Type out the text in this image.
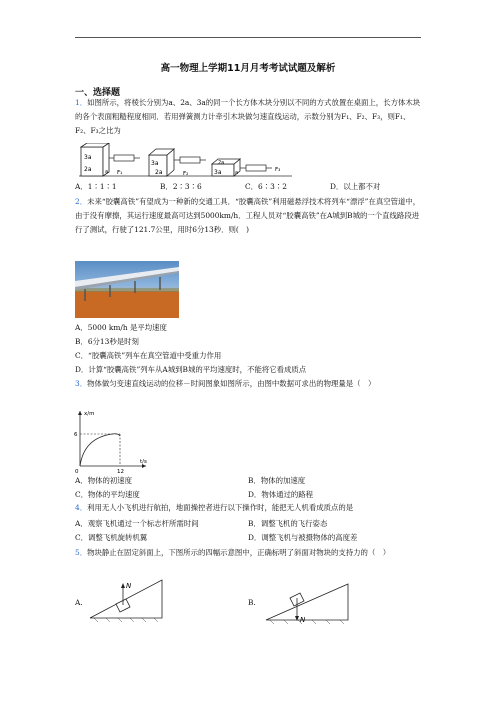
高一物理上学期11月月考考试试题及解析
一、选择题

1．如图所示，将棱长分别为a、2a、3a的同一个长方体木块分别以不同的方式放置在桌面上，长方体木块的各个表面粗糙程度相同．若用弹簧测力计牵引木块做匀速直线运动，示数分别为F₁、F₂、F₃，则F₁、F₂、F₃之比为

3a
2a	a F₁
3a
2a	F₂
2a
3a	a	F₃
A．1∶1∶1	B．2∶3∶6	C．6∶3∶2	D．以上都不对

2．未来“胶囊高铁”有望成为一种新的交通工具．“胶囊高铁”利用磁悬浮技术将列车“漂浮”在真空管道中，由于没有摩擦，其运行速度最高可达到5000km/h．工程人员对“胶囊高铁”在A城到B城的一个直线路段进行了测试，行驶了121.7公里，用时6分13秒．则(　)

A．5000 km/h 是平均速度
B．6分13秒是时刻
C．“胶囊高铁”列车在真空管道中受重力作用
D．计算“胶囊高铁”列车从A城到B城的平均速度时，不能将它看成质点

3．物体做匀变速直线运动的位移－时间图象如图所示，由图中数据可求出的物理量是（　）

x/m
t/s
6
12
0
A．物体的初速度	B．物体的加速度
C．物体的平均速度	D．物体通过的路程

4．利用无人小飞机进行航拍，地面操控者进行以下操作时，能把无人机看成质点的是

A．观察飞机通过一个标志杆所需时间	B．调整飞机的飞行姿态
C．调整飞机旋转机翼	D．调整飞机与被摄物体的高度差

5．物块静止在固定斜面上，下图所示的四幅示意图中，正确标明了斜面对物块的支持力的（　）

A.
N
B.
N
